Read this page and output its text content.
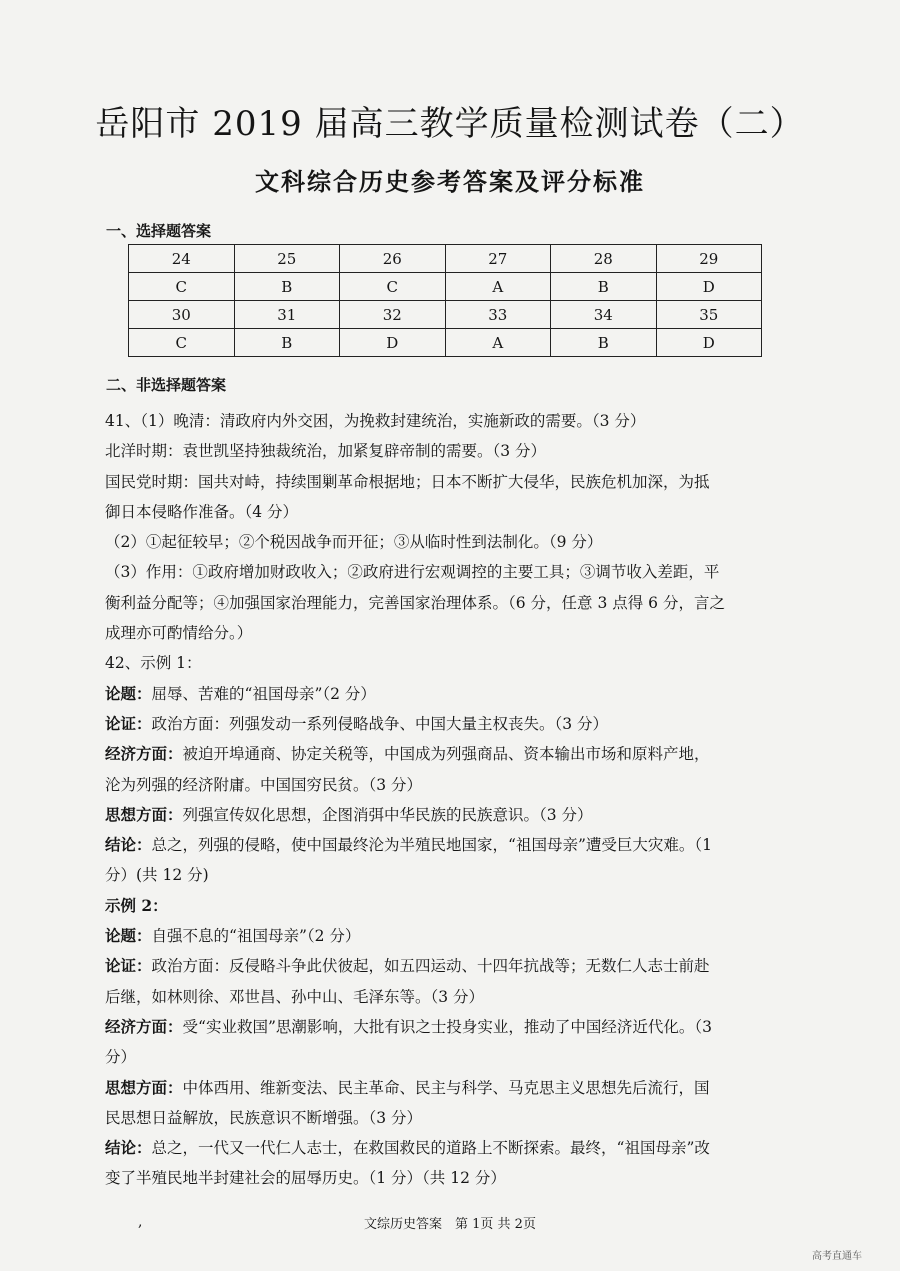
岳阳市 2019 届高三教学质量检测试卷（二）
文科综合历史参考答案及评分标准
一、选择题答案
24	25	26	27	28	29
C	B	C	A	B	D
30	31	32	33	34	35
C	B	D	A	B	D
二、非选择题答案
41、（1）晚清：清政府内外交困，为挽救封建统治，实施新政的需要。（3 分）
北洋时期：袁世凯坚持独裁统治，加紧复辟帝制的需要。（3 分）
国民党时期：国共对峙，持续围剿革命根据地；日本不断扩大侵华，民族危机加深，为抵
御日本侵略作准备。（4 分）
（2）①起征较早；②个税因战争而开征；③从临时性到法制化。（9 分）
（3）作用：①政府增加财政收入；②政府进行宏观调控的主要工具；③调节收入差距，平
衡利益分配等；④加强国家治理能力，完善国家治理体系。（6 分，任意 3 点得 6 分，言之
成理亦可酌情给分。）
42、示例 1：
论题：屈辱、苦难的“祖国母亲”（2 分）
论证：政治方面：列强发动一系列侵略战争、中国大量主权丧失。（3 分）
经济方面：被迫开埠通商、协定关税等，中国成为列强商品、资本输出市场和原料产地，
沦为列强的经济附庸。中国国穷民贫。（3 分）
思想方面：列强宣传奴化思想，企图消弭中华民族的民族意识。（3 分）
结论：总之，列强的侵略，使中国最终沦为半殖民地国家，“祖国母亲”遭受巨大灾难。（1
分）(共 12 分)
示例 2：
论题：自强不息的“祖国母亲”（2 分）
论证：政治方面：反侵略斗争此伏彼起，如五四运动、十四年抗战等；无数仁人志士前赴
后继，如林则徐、邓世昌、孙中山、毛泽东等。（3 分）
经济方面：受“实业救国”思潮影响，大批有识之士投身实业，推动了中国经济近代化。（3
分）
思想方面：中体西用、维新变法、民主革命、民主与科学、马克思主义思想先后流行，国
民思想日益解放，民族意识不断增强。（3 分）
结论：总之，一代又一代仁人志士，在救国救民的道路上不断探索。最终，“祖国母亲”改
变了半殖民地半封建社会的屈辱历史。（1 分）（共 12 分）
,	文综历史答案　第 1页 共 2页
高考直通车
